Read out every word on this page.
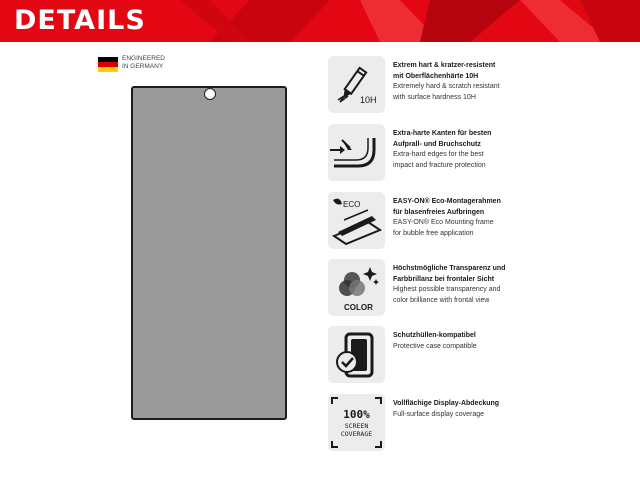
DETAILS
ENGINEERED
IN GERMANY
10H
Extrem hart & kratzer-resistent
mit Oberflächenhärte 10H
Extremely hard & scratch resistant
with surface hardness 10H
Extra-harte Kanten für besten
Aufprall- und Bruchschutz
Extra-hard edges for the best
impact and fracture protection
ECO	EASY-ON® Eco-Montagerahmen
für blasenfreies Aufbringen
EASY-ON® Eco Mounting frame
for bubble free application
COLOR
Höchstmögliche Transparenz und
Farbbrillanz bei frontaler Sicht
Highest possible transparency and
color brilliance with frontal view
Schutzhüllen-kompatibel
Protective case compatible
100%
SCREEN
COVERAGE
Vollflächige Display-Abdeckung
Full-surface display coverage
